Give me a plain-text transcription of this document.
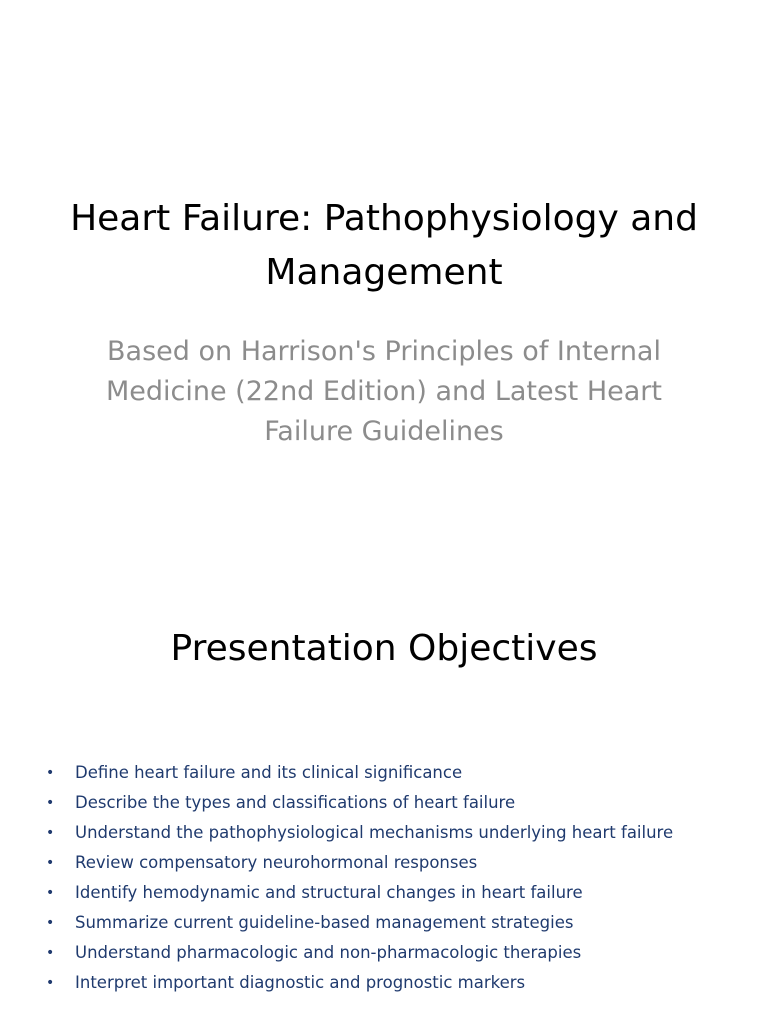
Heart Failure: Pathophysiology and Management

Based on Harrison's Principles of Internal Medicine (22nd Edition) and Latest Heart Failure Guidelines

Presentation Objectives
• Define heart failure and its clinical significance
• Describe the types and classifications of heart failure
• Understand the pathophysiological mechanisms underlying heart failure
• Review compensatory neurohormonal responses
• Identify hemodynamic and structural changes in heart failure
• Summarize current guideline-based management strategies
• Understand pharmacologic and non-pharmacologic therapies
• Interpret important diagnostic and prognostic markers
